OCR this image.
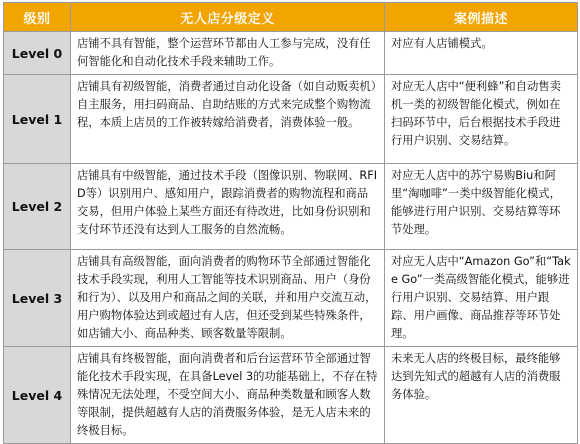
级别	无人店分级定义	案例描述
Level 0	店铺不具有智能，整个运营环节都由人工参与完成，没有任何智能化和自动化技术手段来辅助工作。	对应有人店铺模式。
Level 1	店铺具有初级智能，消费者通过自动化设备（如自动贩卖机）自主服务，用扫码商品、自助结账的方式来完成整个购物流程，本质上店员的工作被转嫁给消费者，消费体验一般。	对应无人店中“便利蜂”和自动售卖机一类的初级智能化模式，例如在扫码环节中，后台根据技术手段进行用户识别、交易结算。
Level 2	店铺具有中级智能，通过技术手段（图像识别、物联网、RFID等）识别用户、感知用户，跟踪消费者的购物流程和商品交易，但用户体验上某些方面还有待改进，比如身份识别和支付环节还没有达到人工服务的自然流畅。	对应无人店中的苏宁易购Biu和阿里“淘咖啡”一类中级智能化模式，能够进行用户识别、交易结算等环节处理。
Level 3	店铺具有高级智能，面向消费者的购物环节全部通过智能化技术手段实现，利用人工智能等技术识别商品、用户（身份和行为）、以及用户和商品之间的关联，并和用户交流互动，用户购物体验达到或超过有人店，但还受到某些特殊条件，如店铺大小、商品种类、顾客数量等限制。	对应无人店中“Amazon Go”和“Take Go”一类高级智能化模式，能够进行用户识别、交易结算、用户跟踪、用户画像、商品推荐等环节处理。
Level 4	店铺具有终极智能，面向消费者和后台运营环节全部通过智能化技术手段实现，在具备Level 3的功能基础上，不存在特殊情况无法处理，不受空间大小、商品种类数量和顾客人数等限制，提供超越有人店的消费服务体验，是无人店未来的终极目标。	未来无人店的终极目标，最终能够达到先知式的超越有人店的消费服务体验。
